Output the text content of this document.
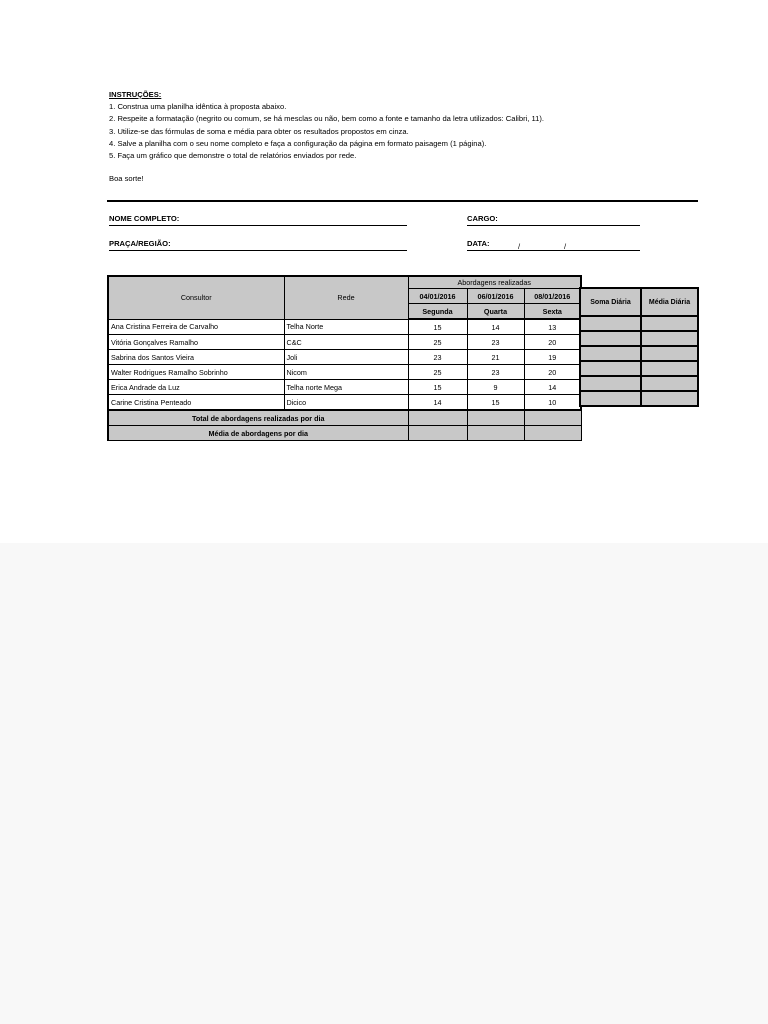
INSTRUÇÕES:
1. Construa uma planilha idêntica à proposta abaixo.
2. Respeite a formatação (negrito ou comum, se há mesclas ou não, bem como a fonte e tamanho da letra utilizados: Calibri, 11).
3. Utilize-se das fórmulas de soma e média para obter os resultados propostos em cinza.
4. Salve a planilha com o seu nome completo e faça a configuração da página em formato paisagem (1 página).
5. Faça um gráfico que demonstre o total de relatórios enviados por rede.
Boa sorte!
NOME COMPLETO:	CARGO:
PRAÇA/REGIÃO:	DATA:	/	/
Consultor	Rede	Abordagens realizadas		
		04/01/2016	06/01/2016	08/01/2016
		Segunda	Quarta	Sexta
Ana Cristina Ferreira de Carvalho	Telha Norte	15	14	13
Vitória Gonçalves Ramalho	C&C	25	23	20
Sabrina dos Santos Vieira	Joli	23	21	19
Walter Rodrigues Ramalho Sobrinho	Nicom	25	23	20
Erica Andrade da Luz	Telha norte Mega	15	9	14
Carine Cristina Penteado	Dicico	14	15	10
Total de abordagens realizadas por dia				
Média de abordagens por dia				
Soma Diária	Média Diária
